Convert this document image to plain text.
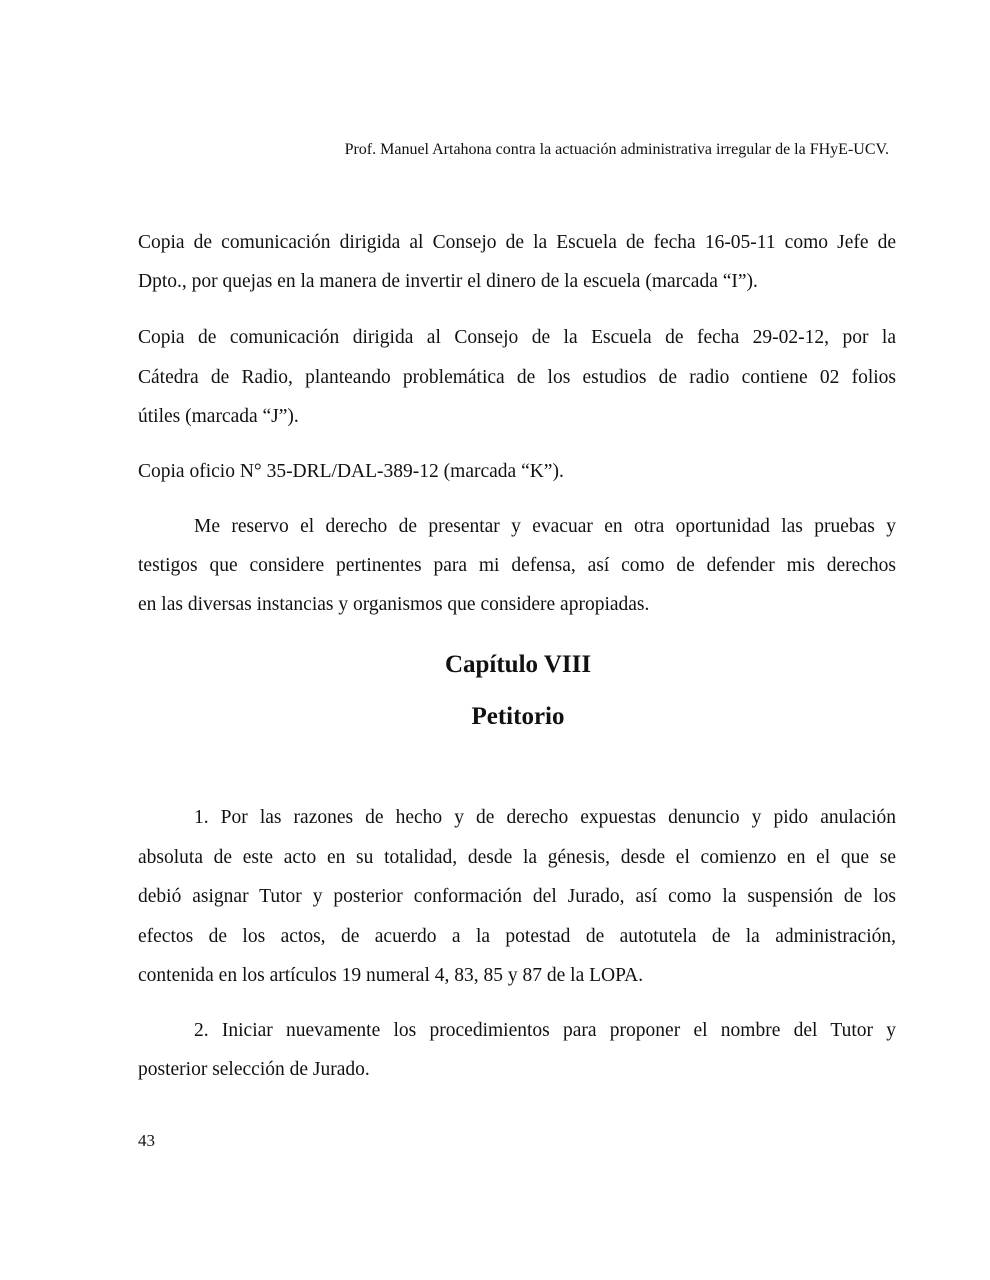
Prof. Manuel Artahona contra la actuación administrativa irregular de la FHyE-UCV.
Copia de comunicación dirigida al Consejo de la Escuela de fecha 16-05-11 como Jefe de
Dpto., por quejas en la manera de invertir el dinero de la escuela (marcada “I”).
Copia de comunicación dirigida al Consejo de la Escuela de fecha 29-02-12, por la
Cátedra de Radio, planteando problemática de los estudios de radio contiene 02 folios
útiles (marcada “J”).
Copia oficio N° 35-DRL/DAL-389-12 (marcada “K”).
Me reservo el derecho de presentar y evacuar en otra oportunidad las pruebas y
testigos que considere pertinentes para mi defensa, así como de defender mis derechos
en las diversas instancias y organismos que considere apropiadas.
Capítulo VIII
Petitorio
1. Por las razones de hecho y de derecho expuestas denuncio y pido anulación
absoluta de este acto en su totalidad, desde la génesis, desde el comienzo en el que se
debió asignar Tutor y posterior conformación del Jurado, así como la suspensión de los
efectos de los actos, de acuerdo a la potestad de autotutela de la administración,
contenida en los artículos 19 numeral 4, 83, 85 y 87 de la LOPA.
2. Iniciar nuevamente los procedimientos para proponer el nombre del Tutor y
posterior selección de Jurado.
43
